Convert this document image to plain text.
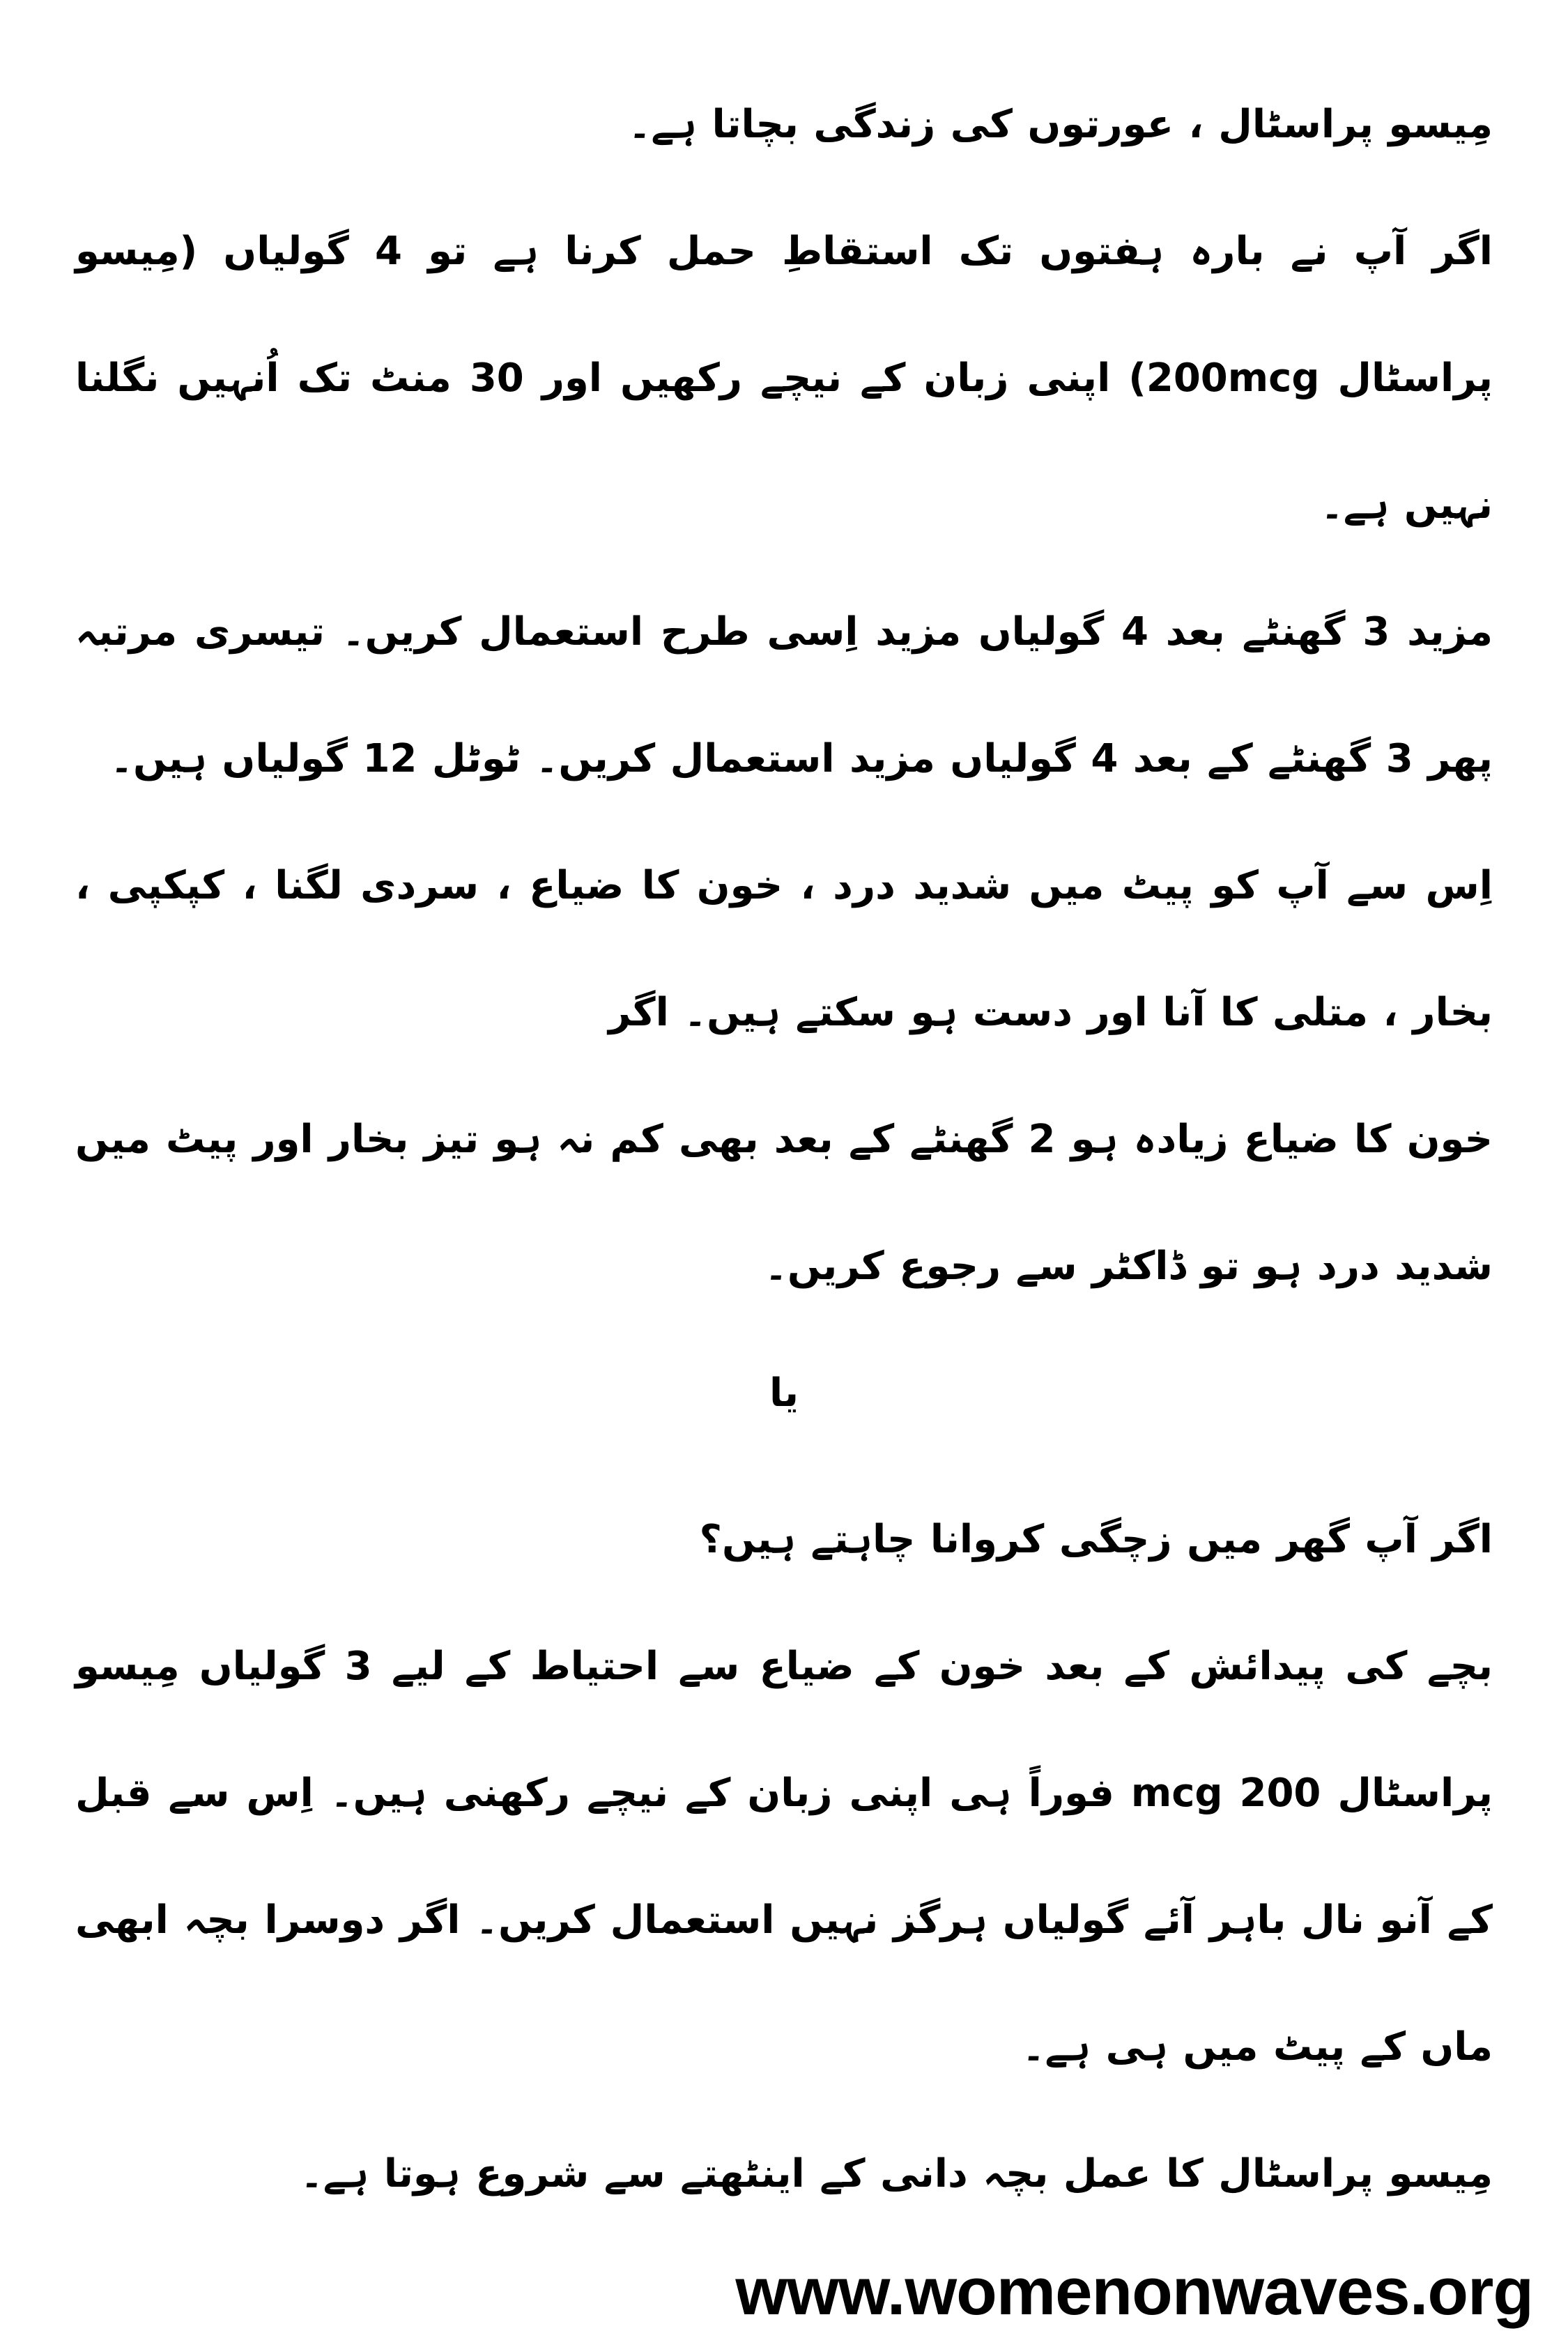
مِیسو پراسٹال ، عورتوں کی زندگی بچاتا ہے۔

اگر آپ نے بارہ ہفتوں تک استقاطِ حمل کرنا ہے تو 4 گولیاں (مِیسو پراسٹال 200mcg) اپنی زبان کے نیچے رکھیں اور 30 منٹ تک اُنہیں نگلنا نہیں ہے۔

مزید 3 گھنٹے بعد 4 گولیاں مزید اِسی طرح استعمال کریں۔ تیسری مرتبہ پھر 3 گھنٹے کے بعد 4 گولیاں مزید استعمال کریں۔ ٹوٹل 12 گولیاں ہیں۔

اِس سے آپ کو پیٹ میں شدید درد ، خون کا ضیاع ، سردی لگنا ، کپکپی ، بخار ، متلی کا آنا اور دست ہو سکتے ہیں۔ اگر

خون کا ضیاع زیادہ ہو 2 گھنٹے کے بعد بھی کم نہ ہو تیز بخار اور پیٹ میں شدید درد ہو تو ڈاکٹر سے رجوع کریں۔

یا

اگر آپ گھر میں زچگی کروانا چاہتے ہیں؟

بچے کی پیدائش کے بعد خون کے ضیاع سے احتیاط کے لیے 3 گولیاں مِیسو پراسٹال 200 mcg فوراً ہی اپنی زبان کے نیچے رکھنی ہیں۔ اِس سے قبل کے آنو نال باہر آئے گولیاں ہرگز نہیں استعمال کریں۔ اگر دوسرا بچہ ابھی ماں کے پیٹ میں ہی ہے۔

مِیسو پراسٹال کا عمل بچہ دانی کے اینٹھتے سے شروع ہوتا ہے۔

www.womenonwaves.org
